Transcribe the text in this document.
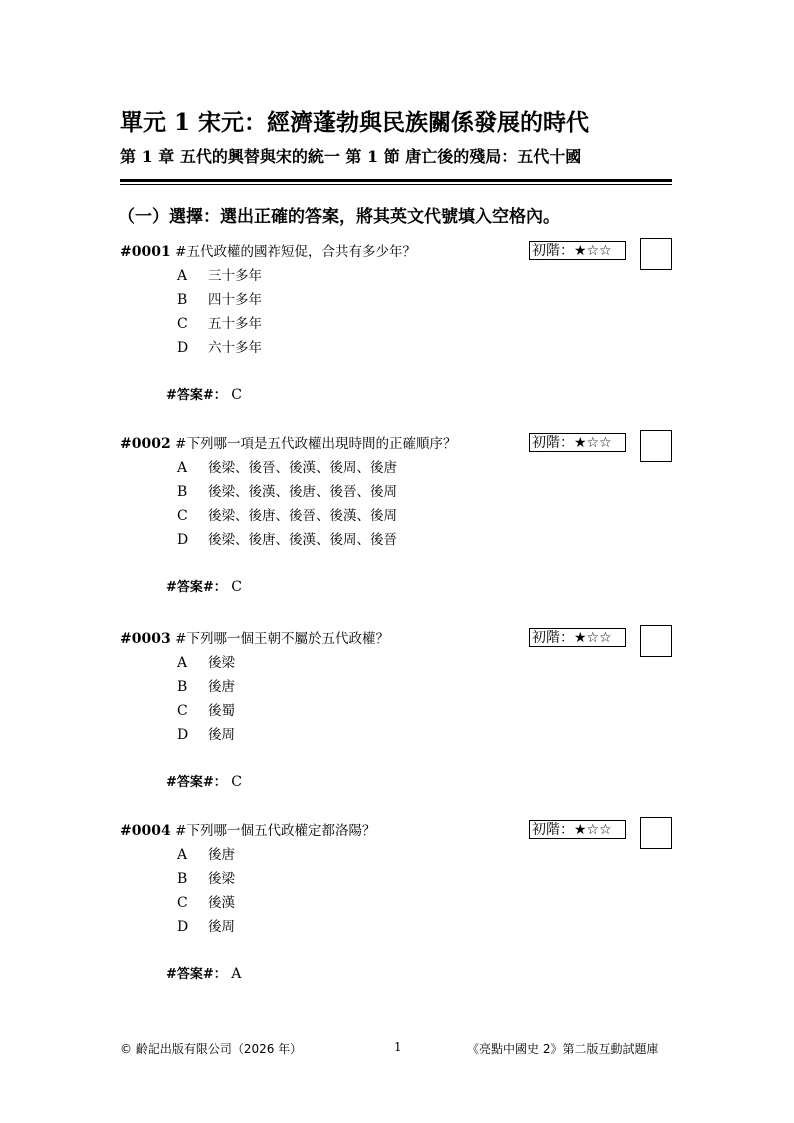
單元 1 宋元：經濟蓬勃與民族關係發展的時代
第 1 章 五代的興替與宋的統一 第 1 節 唐亡後的殘局：五代十國
（一）選擇：選出正確的答案，將其英文代號填入空格內。
#0001 #五代政權的國祚短促，合共有多少年？	初階：★☆☆
A 三十多年
B 四十多年
C 五十多年
D 六十多年
#答案#： C
#0002 #下列哪一項是五代政權出現時間的正確順序？	初階：★☆☆
A 後梁、後晉、後漢、後周、後唐
B 後梁、後漢、後唐、後晉、後周
C 後梁、後唐、後晉、後漢、後周
D 後梁、後唐、後漢、後周、後晉
#答案#： C
#0003 #下列哪一個王朝不屬於五代政權？	初階：★☆☆
A 後梁
B 後唐
C 後蜀
D 後周
#答案#： C
#0004 #下列哪一個五代政權定都洛陽？	初階：★☆☆
A 後唐
B 後梁
C 後漢
D 後周
#答案#： A
© 齡記出版有限公司（2026 年）	1	《亮點中國史 2》第二版互動試題庫
